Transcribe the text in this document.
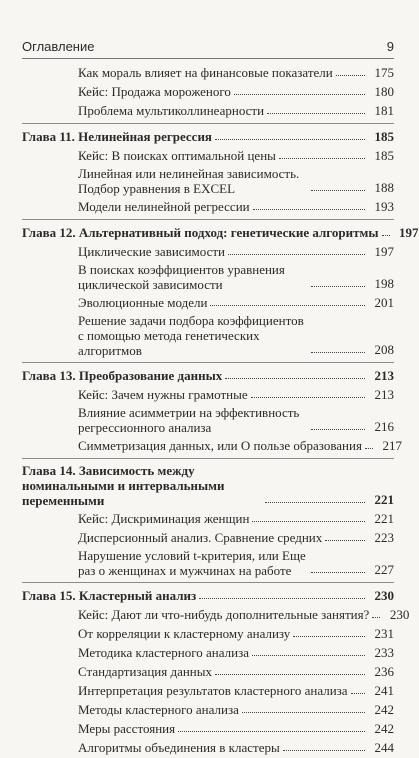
Оглавление	9
Как мораль влияет на финансовые показатели	175
Кейс: Продажа мороженого	180
Проблема мультиколлинеарности	181
Глава 11. Нелинейная регрессия	185
Кейс: В поисках оптимальной цены	185
Линейная или нелинейная зависимость. Подбор уравнения в EXCEL	188
Модели нелинейной регрессии	193
Глава 12. Альтернативный подход: генетические алгоритмы	197
Циклические зависимости	197
В поисках коэффициентов уравнения циклической зависимости	198
Эволюционные модели	201
Решение задачи подбора коэффициентов с помощью метода генетических алгоритмов	208
Глава 13. Преобразование данных	213
Кейс: Зачем нужны грамотные	213
Влияние асимметрии на эффективность регрессионного анализа	216
Симметризация данных, или О пользе образования	217
Глава 14. Зависимость между номинальными и интервальными переменными	221
Кейс: Дискриминация женщин	221
Дисперсионный анализ. Сравнение средних	223
Нарушение условий t-критерия, или Еще раз о женщинах и мужчинах на работе	227
Глава 15. Кластерный анализ	230
Кейс: Дают ли что-нибудь дополнительные занятия?	230
От корреляции к кластерному анализу	231
Методика кластерного анализа	233
Стандартизация данных	236
Интерпретация результатов кластерного анализа	241
Методы кластерного анализа	242
Меры расстояния	242
Алгоритмы объединения в кластеры	244
